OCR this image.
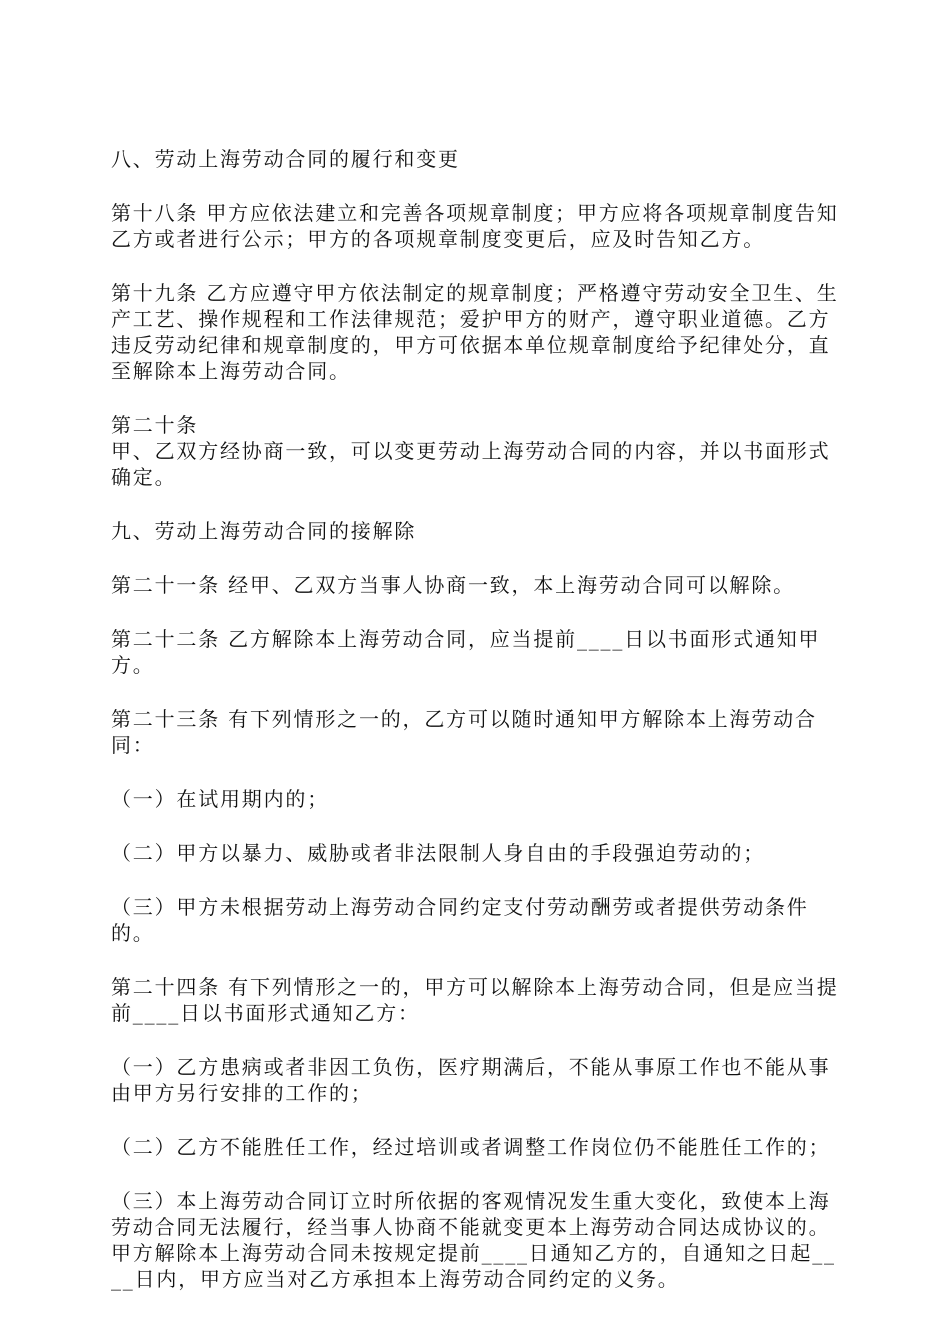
八、劳动上海劳动合同的履行和变更

第十八条 甲方应依法建立和完善各项规章制度；甲方应将各项规章制度告知乙方或者进行公示；甲方的各项规章制度变更后，应及时告知乙方。

第十九条 乙方应遵守甲方依法制定的规章制度；严格遵守劳动安全卫生、生产工艺、操作规程和工作法律规范；爱护甲方的财产，遵守职业道德。乙方违反劳动纪律和规章制度的，甲方可依据本单位规章制度给予纪律处分，直至解除本上海劳动合同。

第二十条

甲、乙双方经协商一致，可以变更劳动上海劳动合同的内容，并以书面形式确定。

九、劳动上海劳动合同的接解除

第二十一条 经甲、乙双方当事人协商一致，本上海劳动合同可以解除。

第二十二条 乙方解除本上海劳动合同，应当提前____日以书面形式通知甲方。

第二十三条 有下列情形之一的，乙方可以随时通知甲方解除本上海劳动合同：

（一）在试用期内的；

（二）甲方以暴力、威胁或者非法限制人身自由的手段强迫劳动的；

（三）甲方未根据劳动上海劳动合同约定支付劳动酬劳或者提供劳动条件的。

第二十四条 有下列情形之一的，甲方可以解除本上海劳动合同，但是应当提前____日以书面形式通知乙方：

（一）乙方患病或者非因工负伤，医疗期满后，不能从事原工作也不能从事由甲方另行安排的工作的；

（二）乙方不能胜任工作，经过培训或者调整工作岗位仍不能胜任工作的；

（三）本上海劳动合同订立时所依据的客观情况发生重大变化，致使本上海劳动合同无法履行，经当事人协商不能就变更本上海劳动合同达成协议的。

甲方解除本上海劳动合同未按规定提前____日通知乙方的，自通知之日起____日内，甲方应当对乙方承担本上海劳动合同约定的义务。
